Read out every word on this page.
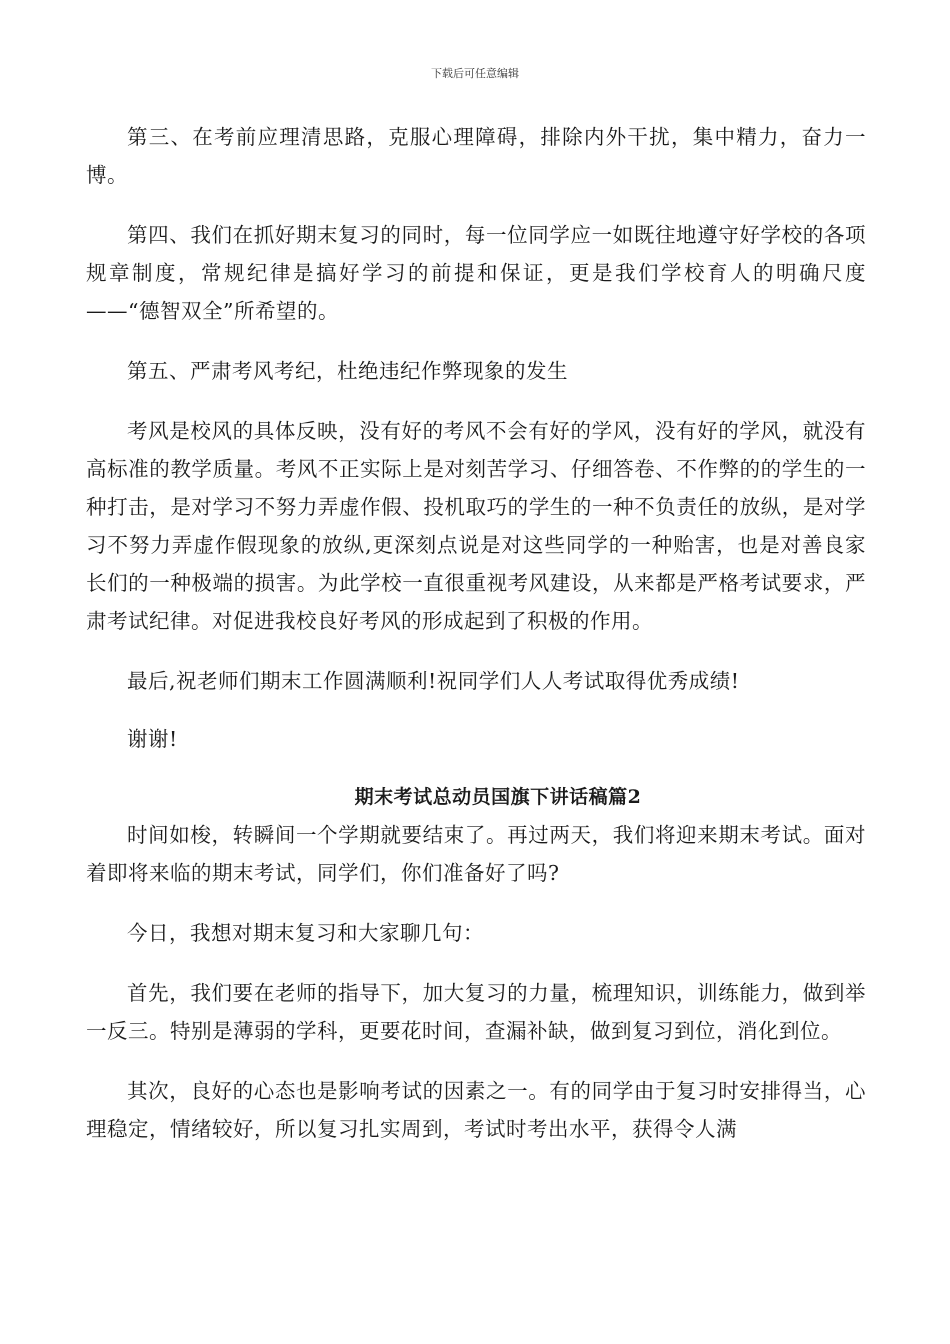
下载后可任意编辑

第三、在考前应理清思路，克服心理障碍，排除内外干扰，集中精力，奋力一博。

第四、我们在抓好期末复习的同时，每一位同学应一如既往地遵守好学校的各项规章制度，常规纪律是搞好学习的前提和保证，更是我们学校育人的明确尺度——“德智双全”所希望的。

第五、严肃考风考纪，杜绝违纪作弊现象的发生

考风是校风的具体反映，没有好的考风不会有好的学风，没有好的学风，就没有高标准的教学质量。考风不正实际上是对刻苦学习、仔细答卷、不作弊的的学生的一种打击，是对学习不努力弄虚作假、投机取巧的学生的一种不负责任的放纵，是对学习不努力弄虚作假现象的放纵,更深刻点说是对这些同学的一种贻害，也是对善良家长们的一种极端的损害。为此学校一直很重视考风建设，从来都是严格考试要求，严肃考试纪律。对促进我校良好考风的形成起到了积极的作用。

最后,祝老师们期末工作圆满顺利!祝同学们人人考试取得优秀成绩!

谢谢!

期末考试总动员国旗下讲话稿篇2

时间如梭，转瞬间一个学期就要结束了。再过两天，我们将迎来期末考试。面对着即将来临的期末考试，同学们，你们准备好了吗?

今日，我想对期末复习和大家聊几句：

首先，我们要在老师的指导下，加大复习的力量，梳理知识，训练能力，做到举一反三。特别是薄弱的学科，更要花时间，查漏补缺，做到复习到位，消化到位。

其次，良好的心态也是影响考试的因素之一。有的同学由于复习时安排得当，心理稳定，情绪较好，所以复习扎实周到，考试时考出水平，获得令人满
